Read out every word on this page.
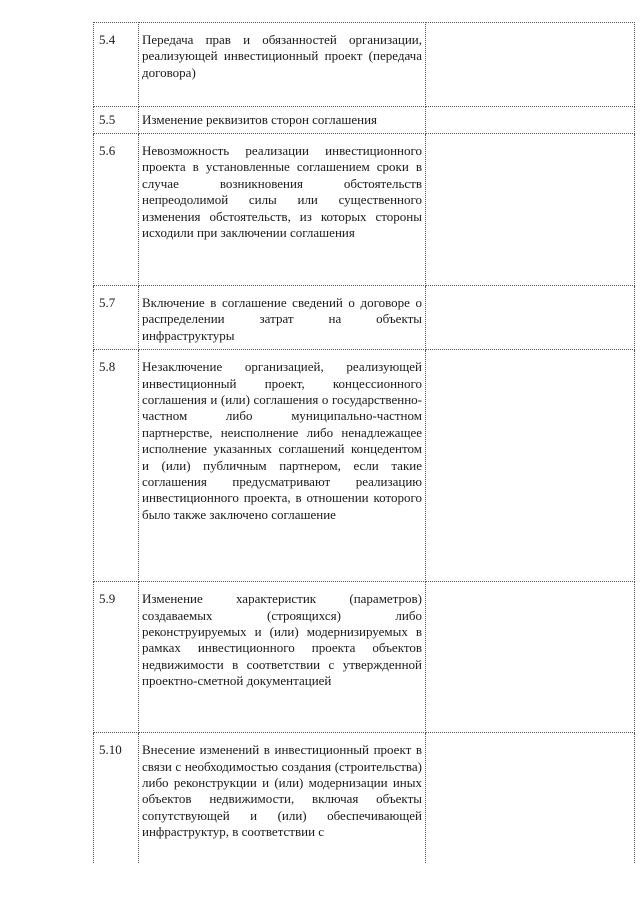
5.4	Передача прав и обязанностей организации, реализующей инвестиционный проект (передача договора)	
5.5	Изменение реквизитов сторон соглашения	
5.6	Невозможность реализации инвестиционного проекта в установленные соглашением сроки в случае возникновения обстоятельств непреодолимой силы или существенного изменения обстоятельств, из которых стороны исходили при заключении соглашения	
5.7	Включение в соглашение сведений о договоре о распределении затрат на объекты инфраструктуры	
5.8	Незаключение организацией, реализующей инвестиционный проект, концессионного соглашения и (или) соглашения о государственно-частном либо муниципально-частном партнерстве, неисполнение либо ненадлежащее исполнение указанных соглашений концедентом и (или) публичным партнером, если такие соглашения предусматривают реализацию инвестиционного проекта, в отношении которого было также заключено соглашение	
5.9	Изменение характеристик (параметров) создаваемых (строящихся) либо реконструируемых и (или) модернизируемых в рамках инвестиционного проекта объектов недвижимости в соответствии с утвержденной проектно-сметной документацией	
5.10	Внесение изменений в инвестиционный проект в связи с необходимостью создания (строительства) либо реконструкции и (или) модернизации иных объектов недвижимости, включая объекты сопутствующей и (или) обеспечивающей инфраструктур, в соответствии с	
